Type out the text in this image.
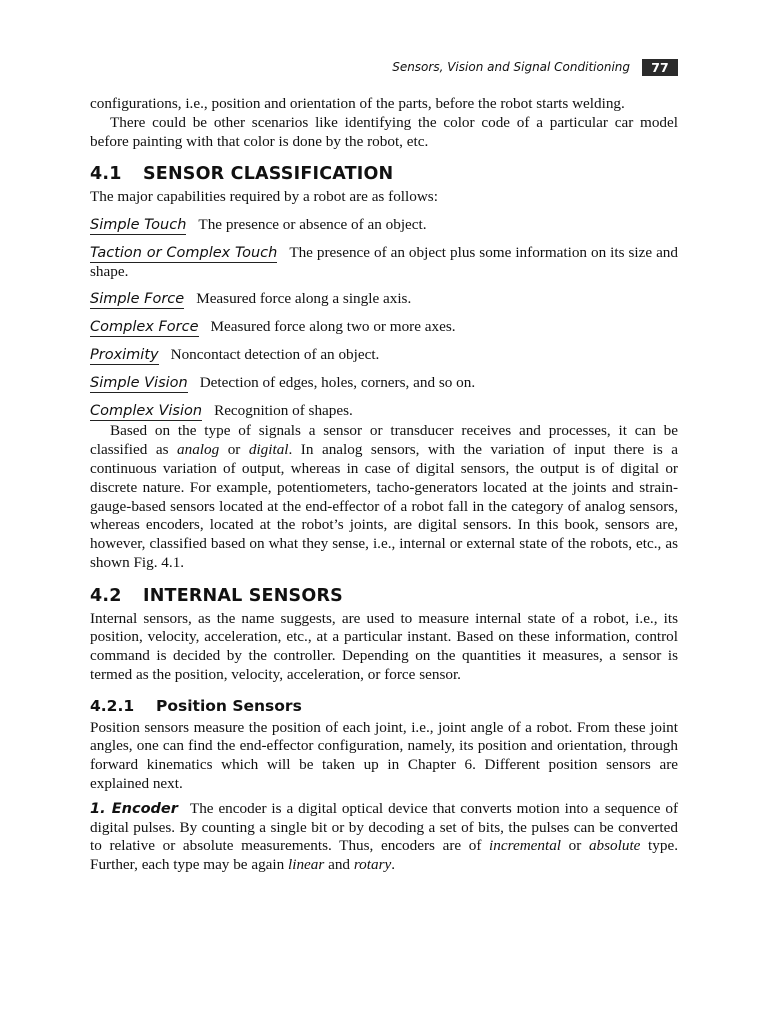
Sensors, Vision and Signal Conditioning	77

configurations, i.e., position and orientation of the parts, before the robot starts welding.

There could be other scenarios like identifying the color code of a particular car model before painting with that color is done by the robot, etc.

4.1 SENSOR CLASSIFICATION

The major capabilities required by a robot are as follows:

Simple Touch The presence or absence of an object.

Taction or Complex Touch The presence of an object plus some information on its size and shape.

Simple Force Measured force along a single axis.

Complex Force Measured force along two or more axes.

Proximity Noncontact detection of an object.

Simple Vision Detection of edges, holes, corners, and so on.

Complex Vision Recognition of shapes.

Based on the type of signals a sensor or transducer receives and processes, it can be classified as analog or digital. In analog sensors, with the variation of input there is a continuous variation of output, whereas in case of digital sensors, the output is of digital or discrete nature. For example, potentiometers, tacho-generators located at the joints and strain-gauge-based sensors located at the end-effector of a robot fall in the category of analog sensors, whereas encoders, located at the robot’s joints, are digital sensors. In this book, sensors are, however, classified based on what they sense, i.e., internal or external state of the robots, etc., as shown Fig. 4.1.

4.2 INTERNAL SENSORS

Internal sensors, as the name suggests, are used to measure internal state of a robot, i.e., its position, velocity, acceleration, etc., at a particular instant. Based on these information, control command is decided by the controller. Depending on the quantities it measures, a sensor is termed as the position, velocity, acceleration, or force sensor.

4.2.1 Position Sensors

Position sensors measure the position of each joint, i.e., joint angle of a robot. From these joint angles, one can find the end-effector configuration, namely, its position and orientation, through forward kinematics which will be taken up in Chapter 6. Different position sensors are explained next.

1. Encoder The encoder is a digital optical device that converts motion into a sequence of digital pulses. By counting a single bit or by decoding a set of bits, the pulses can be converted to relative or absolute measurements. Thus, encoders are of incremental or absolute type. Further, each type may be again linear and rotary.
